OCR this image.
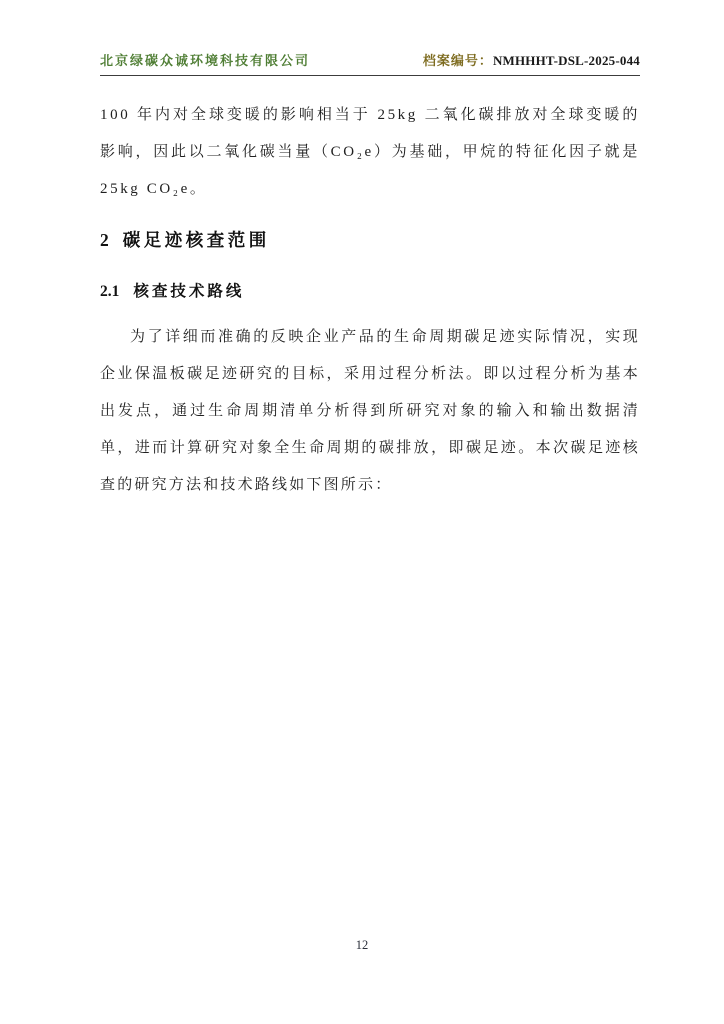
北京绿碳众诚环境科技有限公司	档案编号：NMHHHT-DSL-2025-044

100 年内对全球变暖的影响相当于 25kg 二氧化碳排放对全球变暖的影响，因此以二氧化碳当量（CO₂e）为基础，甲烷的特征化因子就是 25kg CO₂e。

2 碳足迹核查范围
2.1 核查技术路线

为了详细而准确的反映企业产品的生命周期碳足迹实际情况，实现企业保温板碳足迹研究的目标，采用过程分析法。即以过程分析为基本出发点，通过生命周期清单分析得到所研究对象的输入和输出数据清单，进而计算研究对象全生命周期的碳排放，即碳足迹。本次碳足迹核查的研究方法和技术路线如下图所示：

12
